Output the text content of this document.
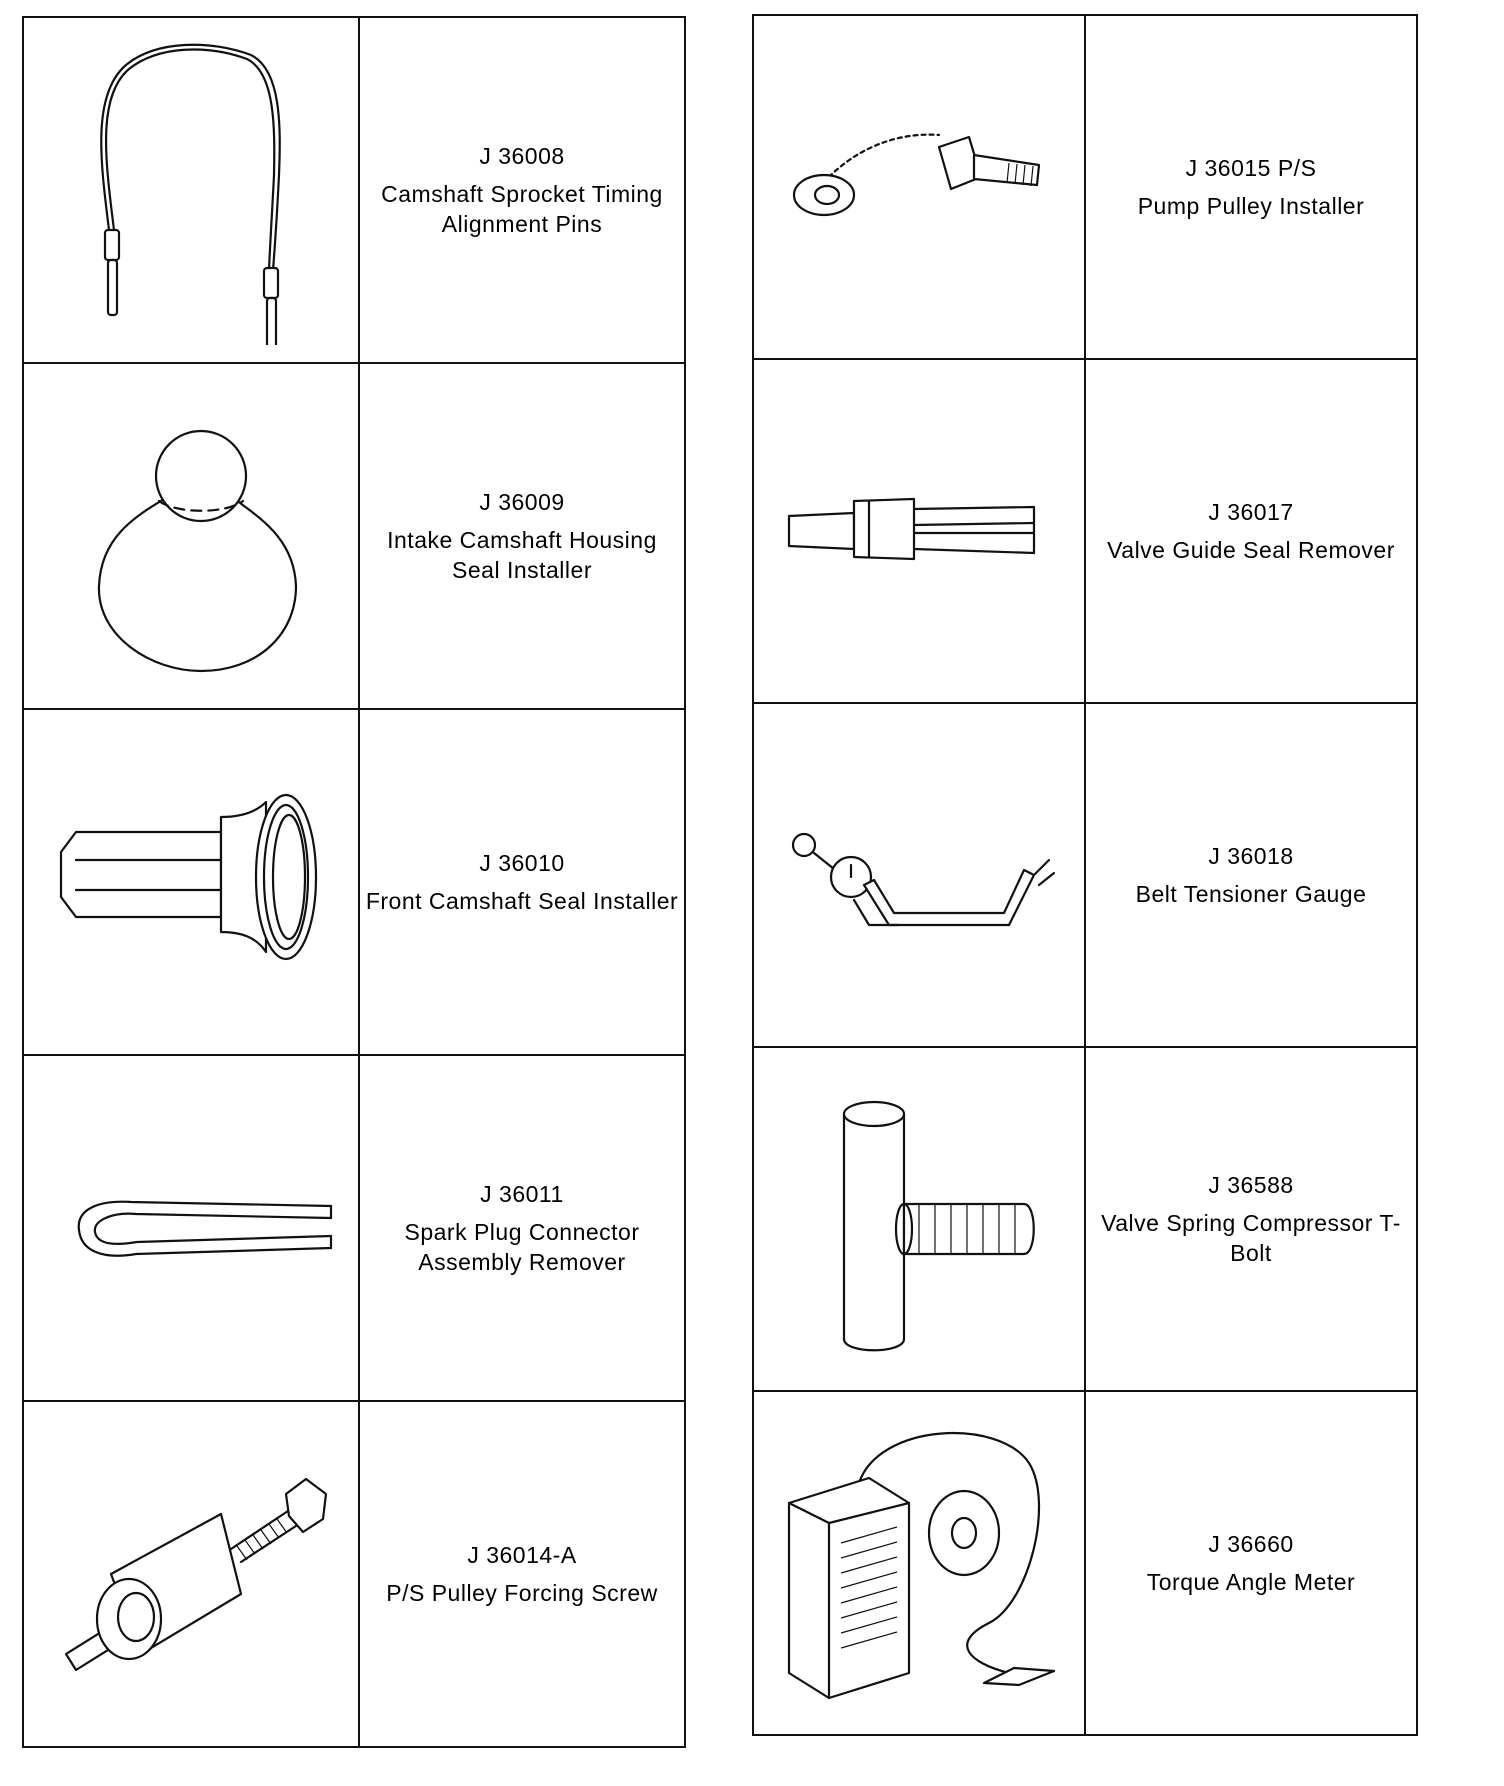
J 36008
Camshaft Sprocket Timing Alignment Pins

J 36009
Intake Camshaft Housing Seal Installer

J 36010
Front Camshaft Seal Installer

J 36011
Spark Plug Connector Assembly Remover

J 36014-A
P/S Pulley Forcing Screw

J 36015 P/S
Pump Pulley Installer

J 36017
Valve Guide Seal Remover

J 36018
Belt Tensioner Gauge

J 36588
Valve Spring Compressor T-Bolt

J 36660
Torque Angle Meter
